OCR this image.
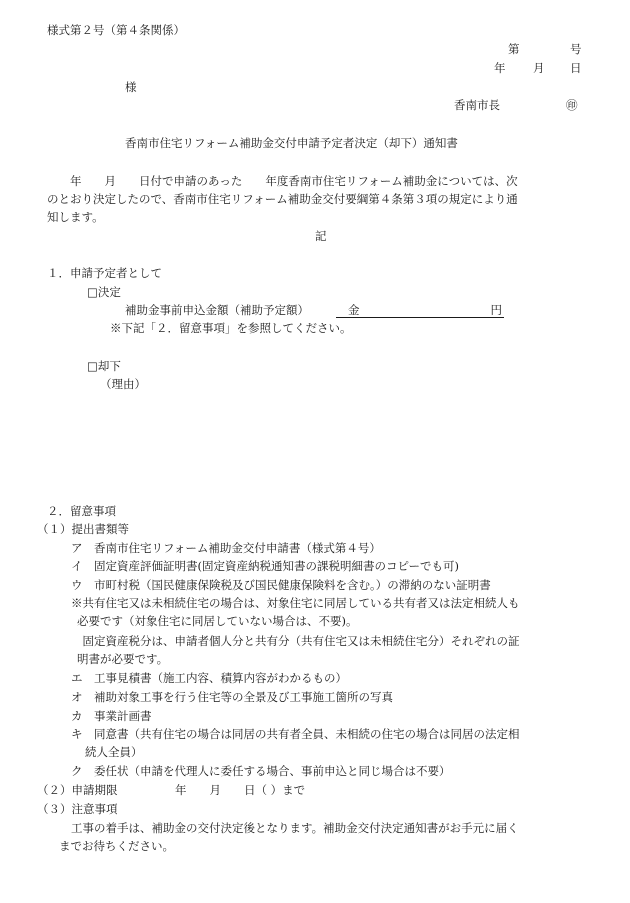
様式第２号（第４条関係）
第	号
年 月 日
様
香南市長	㊞
香南市住宅リフォーム補助金交付申請予定者決定（却下）通知書
　　年　　月　　日付で申請のあった　　年度香南市住宅リフォーム補助金については、次
のとおり決定したので、香南市住宅リフォーム補助金交付要綱第４条第３項の規定により通
知します。
記
１．申請予定者として
□決定
補助金事前申込金額（補助予定額）	金	円
※下記「２．留意事項」を参照してください。
□却下
（理由）
２．留意事項
（１）提出書類等
ア　香南市住宅リフォーム補助金交付申請書（様式第４号）
イ　固定資産評価証明書(固定資産納税通知書の課税明細書のコピーでも可)
ウ　市町村税（国民健康保険税及び国民健康保険料を含む。）の滞納のない証明書
※共有住宅又は未相続住宅の場合は、対象住宅に同居している共有者又は法定相続人も
必要です（対象住宅に同居していない場合は、不要)。
　固定資産税分は、申請者個人分と共有分（共有住宅又は未相続住宅分）それぞれの証
明書が必要です。
エ　工事見積書（施工内容、積算内容がわかるもの）
オ　補助対象工事を行う住宅等の全景及び工事施工箇所の写真
カ　事業計画書
キ　同意書（共有住宅の場合は同居の共有者全員、未相続の住宅の場合は同居の法定相
続人全員）
ク　委任状（申請を代理人に委任する場合、事前申込と同じ場合は不要）
（２）申請期限　　　　　年　　月　　日（ ）まで
（３）注意事項
工事の着手は、補助金の交付決定後となります。補助金交付決定通知書がお手元に届く
までお待ちください。
